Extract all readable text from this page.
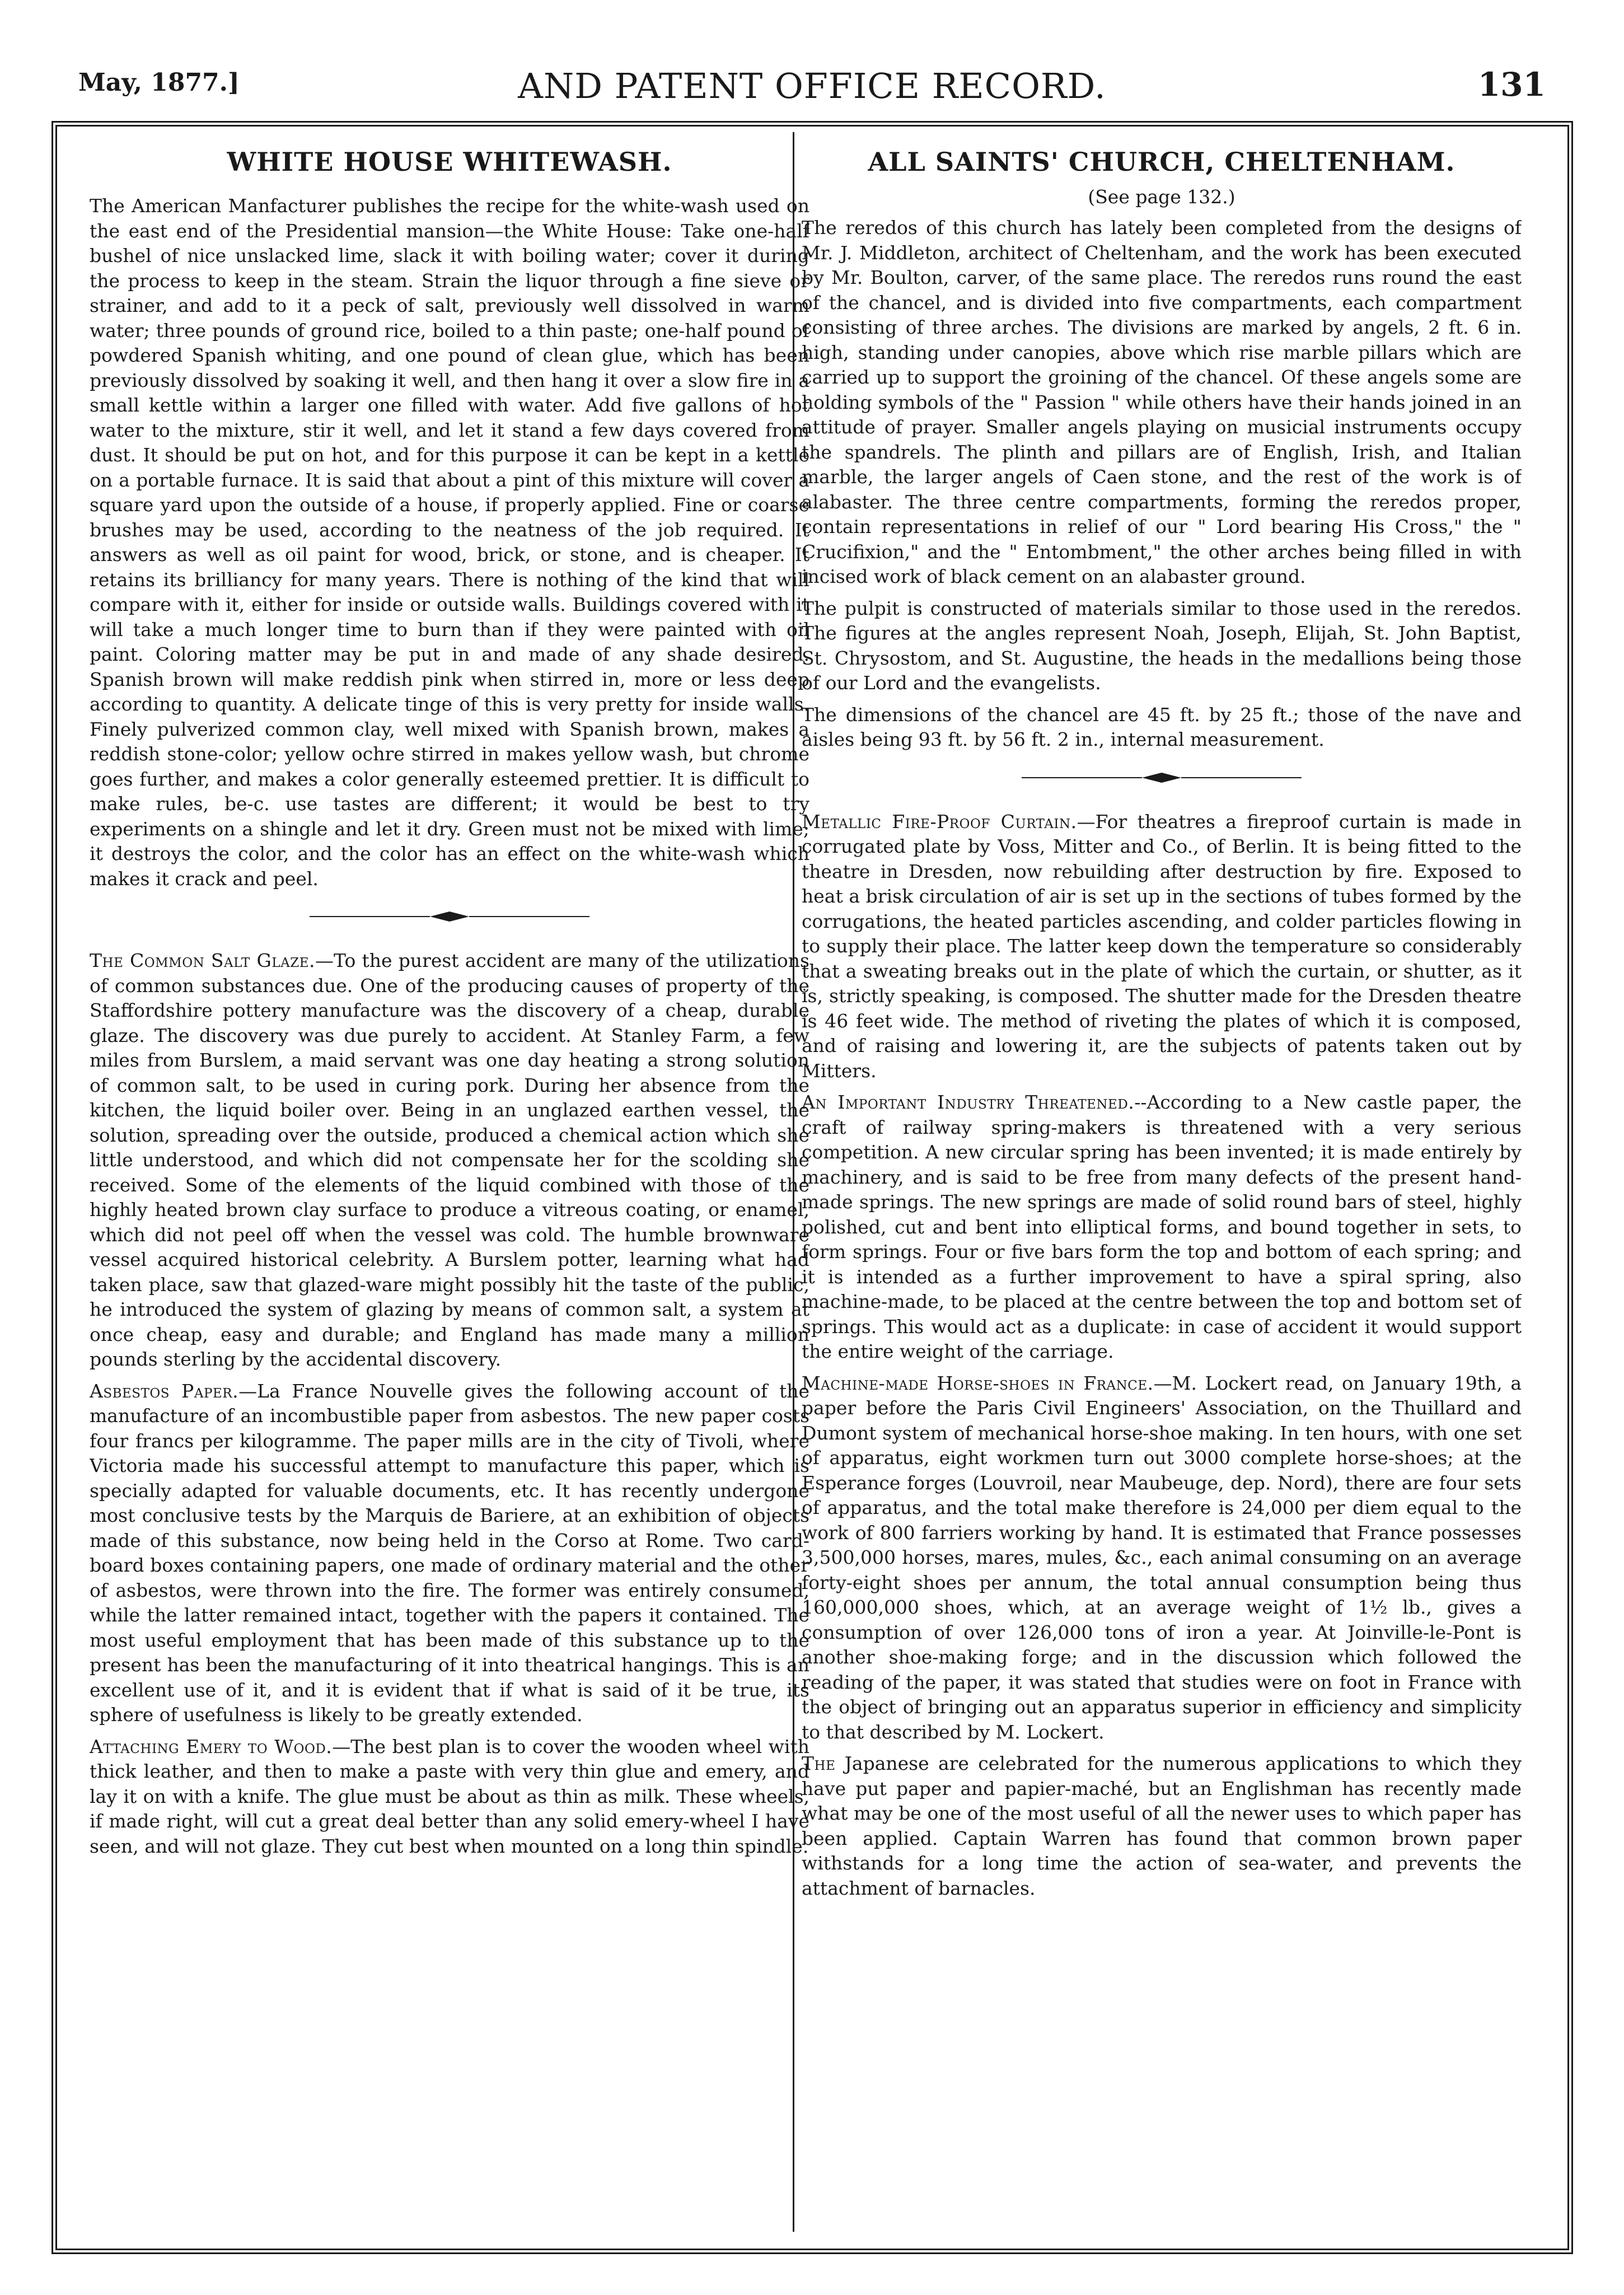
May, 1877.]	AND PATENT OFFICE RECORD.	131
WHITE HOUSE WHITEWASH.

The American Manfacturer publishes the recipe for the white-wash used on the east end of the Presidential mansion—the White House: Take one-half bushel of nice unslacked lime, slack it with boiling water; cover it during the process to keep in the steam. Strain the liquor through a fine sieve or strainer, and add to it a peck of salt, previously well dissolved in warm water; three pounds of ground rice, boiled to a thin paste; one-half pound of powdered Spanish whiting, and one pound of clean glue, which has been previously dissolved by soaking it well, and then hang it over a slow fire in a small kettle within a larger one filled with water. Add five gallons of hot water to the mixture, stir it well, and let it stand a few days covered from dust. It should be put on hot, and for this purpose it can be kept in a kettle on a portable furnace. It is said that about a pint of this mixture will cover a square yard upon the outside of a house, if properly applied. Fine or coarse brushes may be used, according to the neatness of the job required. It answers as well as oil paint for wood, brick, or stone, and is cheaper. It retains its brilliancy for many years. There is nothing of the kind that will compare with it, either for inside or outside walls. Buildings covered with it will take a much longer time to burn than if they were painted with oil paint. Coloring matter may be put in and made of any shade desired. Spanish brown will make reddish pink when stirred in, more or less deep according to quantity. A delicate tinge of this is very pretty for inside walls. Finely pulverized common clay, well mixed with Spanish brown, makes a reddish stone-color; yellow ochre stirred in makes yellow wash, but chrome goes further, and makes a color generally esteemed prettier. It is difficult to make rules, be-c. use tastes are different; it would be best to try experiments on a shingle and let it dry. Green must not be mixed with lime; it destroys the color, and the color has an effect on the white-wash which makes it crack and peel.

The Common Salt Glaze.—To the purest accident are many of the utilizations of common substances due. One of the producing causes of property of the Staffordshire pottery manufacture was the discovery of a cheap, durable glaze. The discovery was due purely to accident. At Stanley Farm, a few miles from Burslem, a maid servant was one day heating a strong solution of common salt, to be used in curing pork. During her absence from the kitchen, the liquid boiler over. Being in an unglazed earthen vessel, the solution, spreading over the outside, produced a chemical action which she little understood, and which did not compensate her for the scolding she received. Some of the elements of the liquid combined with those of the highly heated brown clay surface to produce a vitreous coating, or enamel, which did not peel off when the vessel was cold. The humble brownware vessel acquired historical celebrity. A Burslem potter, learning what had taken place, saw that glazed-ware might possibly hit the taste of the public, he introduced the system of glazing by means of common salt, a system at once cheap, easy and durable; and England has made many a million pounds sterling by the accidental discovery.

Asbestos Paper.—La France Nouvelle gives the following account of the manufacture of an incombustible paper from asbestos. The new paper costs four francs per kilogramme. The paper mills are in the city of Tivoli, where Victoria made his successful attempt to manufacture this paper, which is specially adapted for valuable documents, etc. It has recently undergone most conclusive tests by the Marquis de Bariere, at an exhibition of objects made of this substance, now being held in the Corso at Rome. Two card-board boxes containing papers, one made of ordinary material and the other of asbestos, were thrown into the fire. The former was entirely consumed, while the latter remained intact, together with the papers it contained. The most useful employment that has been made of this substance up to the present has been the manufacturing of it into theatrical hangings. This is an excellent use of it, and it is evident that if what is said of it be true, its sphere of usefulness is likely to be greatly extended.

Attaching Emery to Wood.—The best plan is to cover the wooden wheel with thick leather, and then to make a paste with very thin glue and emery, and lay it on with a knife. The glue must be about as thin as milk. These wheels, if made right, will cut a great deal better than any solid emery-wheel I have seen, and will not glaze. They cut best when mounted on a long thin spindle.

ALL SAINTS' CHURCH, CHELTENHAM.
(See page 132.)

The reredos of this church has lately been completed from the designs of Mr. J. Middleton, architect of Cheltenham, and the work has been executed by Mr. Boulton, carver, of the same place. The reredos runs round the east of the chancel, and is divided into five compartments, each compartment consisting of three arches. The divisions are marked by angels, 2 ft. 6 in. high, standing under canopies, above which rise marble pillars which are carried up to support the groining of the chancel. Of these angels some are holding symbols of the " Passion " while others have their hands joined in an attitude of prayer. Smaller angels playing on musicial instruments occupy the spandrels. The plinth and pillars are of English, Irish, and Italian marble, the larger angels of Caen stone, and the rest of the work is of alabaster. The three centre compartments, forming the reredos proper, contain representations in relief of our " Lord bearing His Cross," the " Crucifixion," and the " Entombment," the other arches being filled in with incised work of black cement on an alabaster ground.

The pulpit is constructed of materials similar to those used in the reredos. The figures at the angles represent Noah, Joseph, Elijah, St. John Baptist, St. Chrysostom, and St. Augustine, the heads in the medallions being those of our Lord and the evangelists.

The dimensions of the chancel are 45 ft. by 25 ft.; those of the nave and aisles being 93 ft. by 56 ft. 2 in., internal measurement.

Metallic Fire-Proof Curtain.—For theatres a fireproof curtain is made in corrugated plate by Voss, Mitter and Co., of Berlin. It is being fitted to the theatre in Dresden, now rebuilding after destruction by fire. Exposed to heat a brisk circulation of air is set up in the sections of tubes formed by the corrugations, the heated particles ascending, and colder particles flowing in to supply their place. The latter keep down the temperature so considerably that a sweating breaks out in the plate of which the curtain, or shutter, as it is, strictly speaking, is composed. The shutter made for the Dresden theatre is 46 feet wide. The method of riveting the plates of which it is composed, and of raising and lowering it, are the subjects of patents taken out by Mitters.

An Important Industry Threatened.--According to a New castle paper, the craft of railway spring-makers is threatened with a very serious competition. A new circular spring has been invented; it is made entirely by machinery, and is said to be free from many defects of the present hand-made springs. The new springs are made of solid round bars of steel, highly polished, cut and bent into elliptical forms, and bound together in sets, to form springs. Four or five bars form the top and bottom of each spring; and it is intended as a further improvement to have a spiral spring, also machine-made, to be placed at the centre between the top and bottom set of springs. This would act as a duplicate: in case of accident it would support the entire weight of the carriage.

Machine-made Horse-shoes in France.—M. Lockert read, on January 19th, a paper before the Paris Civil Engineers' Association, on the Thuillard and Dumont system of mechanical horse-shoe making. In ten hours, with one set of apparatus, eight workmen turn out 3000 complete horse-shoes; at the Esperance forges (Louvroil, near Maubeuge, dep. Nord), there are four sets of apparatus, and the total make therefore is 24,000 per diem equal to the work of 800 farriers working by hand. It is estimated that France possesses 3,500,000 horses, mares, mules, &c., each animal consuming on an average forty-eight shoes per annum, the total annual consumption being thus 160,000,000 shoes, which, at an average weight of 1½ lb., gives a consumption of over 126,000 tons of iron a year. At Joinville-le-Pont is another shoe-making forge; and in the discussion which followed the reading of the paper, it was stated that studies were on foot in France with the object of bringing out an apparatus superior in efficiency and simplicity to that described by M. Lockert.

The Japanese are celebrated for the numerous applications to which they have put paper and papier-maché, but an Englishman has recently made what may be one of the most useful of all the newer uses to which paper has been applied. Captain Warren has found that common brown paper withstands for a long time the action of sea-water, and prevents the attachment of barnacles.
